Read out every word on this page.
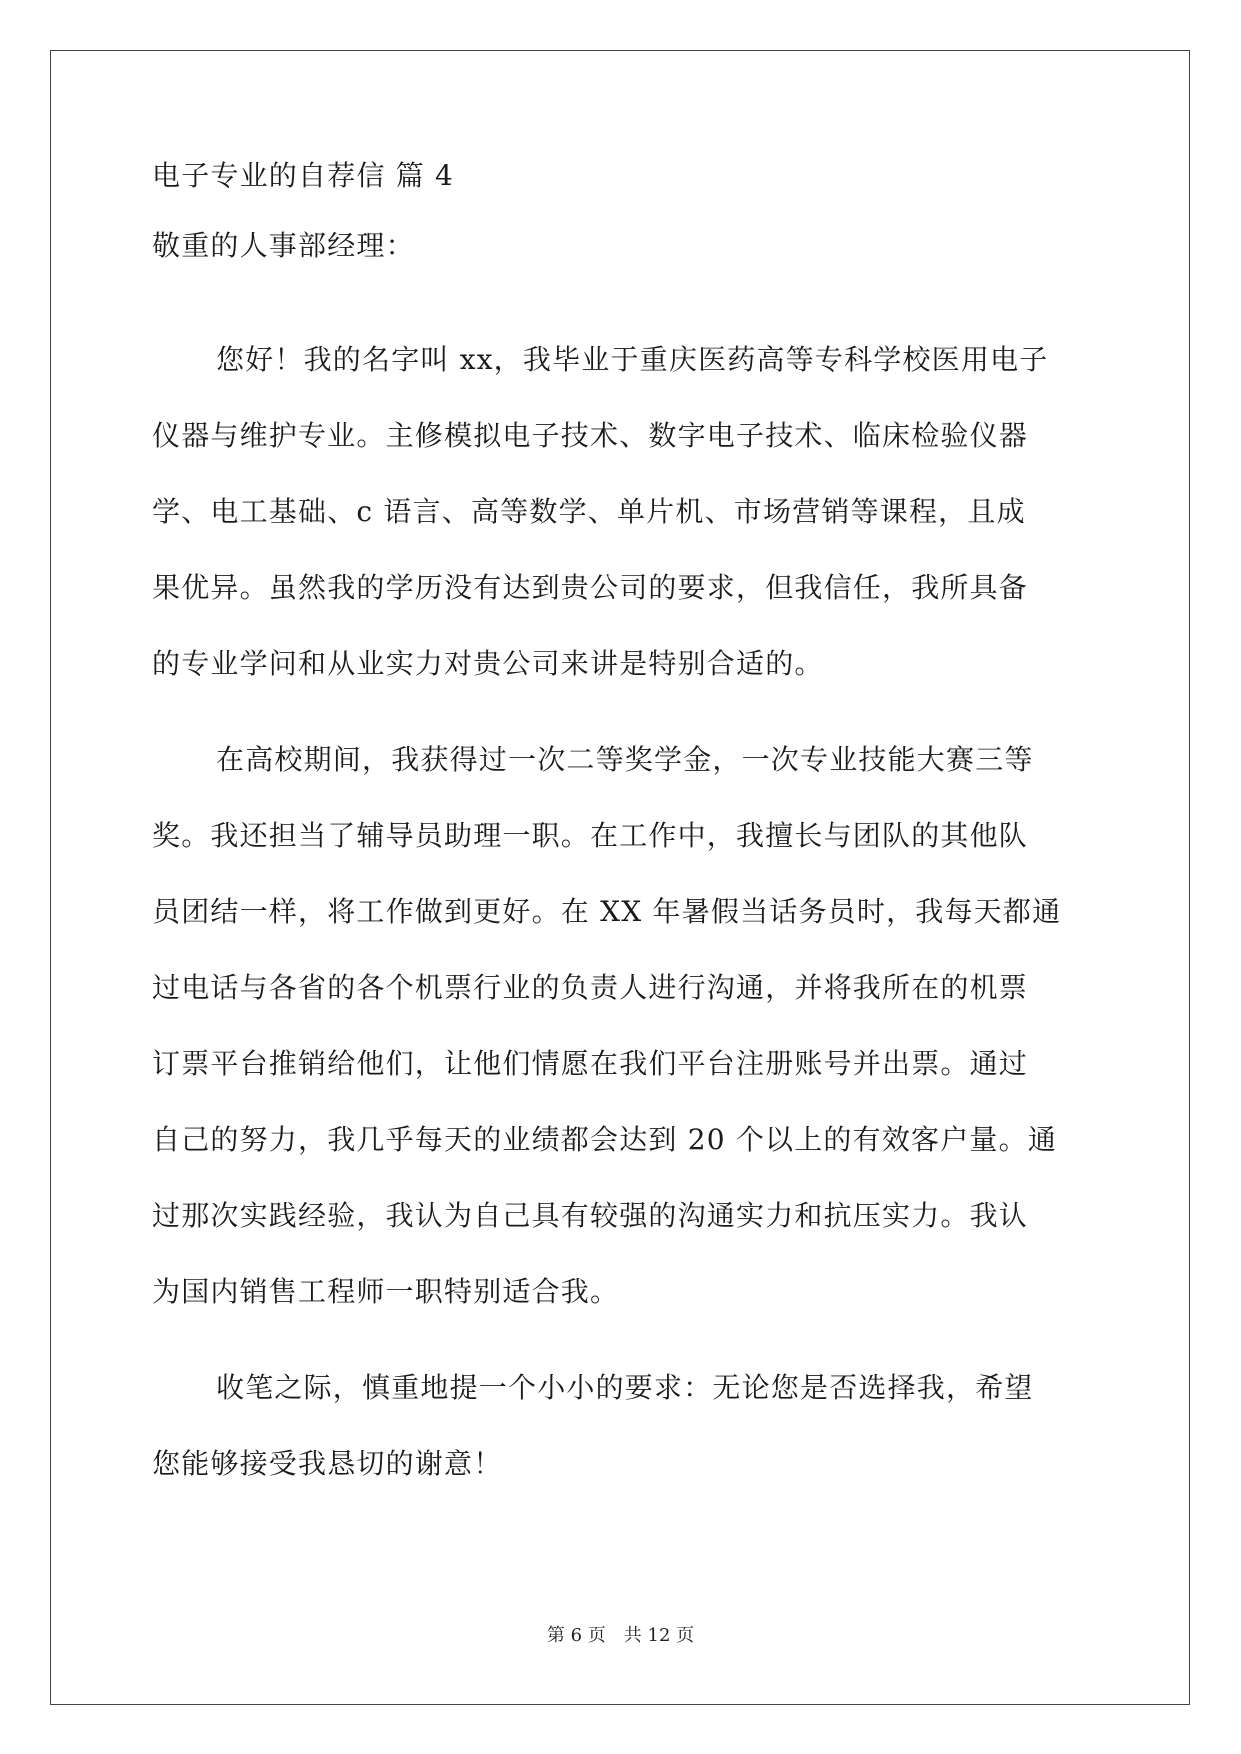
电子专业的自荐信 篇 4
敬重的人事部经理：
您好！我的名字叫 xx，我毕业于重庆医药高等专科学校医用电子
仪器与维护专业。主修模拟电子技术、数字电子技术、临床检验仪器
学、电工基础、c 语言、高等数学、单片机、市场营销等课程，且成
果优异。虽然我的学历没有达到贵公司的要求，但我信任，我所具备
的专业学问和从业实力对贵公司来讲是特别合适的。
在高校期间，我获得过一次二等奖学金，一次专业技能大赛三等
奖。我还担当了辅导员助理一职。在工作中，我擅长与团队的其他队
员团结一样，将工作做到更好。在 XX 年暑假当话务员时，我每天都通
过电话与各省的各个机票行业的负责人进行沟通，并将我所在的机票
订票平台推销给他们，让他们情愿在我们平台注册账号并出票。通过
自己的努力，我几乎每天的业绩都会达到 20 个以上的有效客户量。通
过那次实践经验，我认为自己具有较强的沟通实力和抗压实力。我认
为国内销售工程师一职特别适合我。
收笔之际，慎重地提一个小小的要求：无论您是否选择我，希望
您能够接受我恳切的谢意！
第 6 页　共 12 页
